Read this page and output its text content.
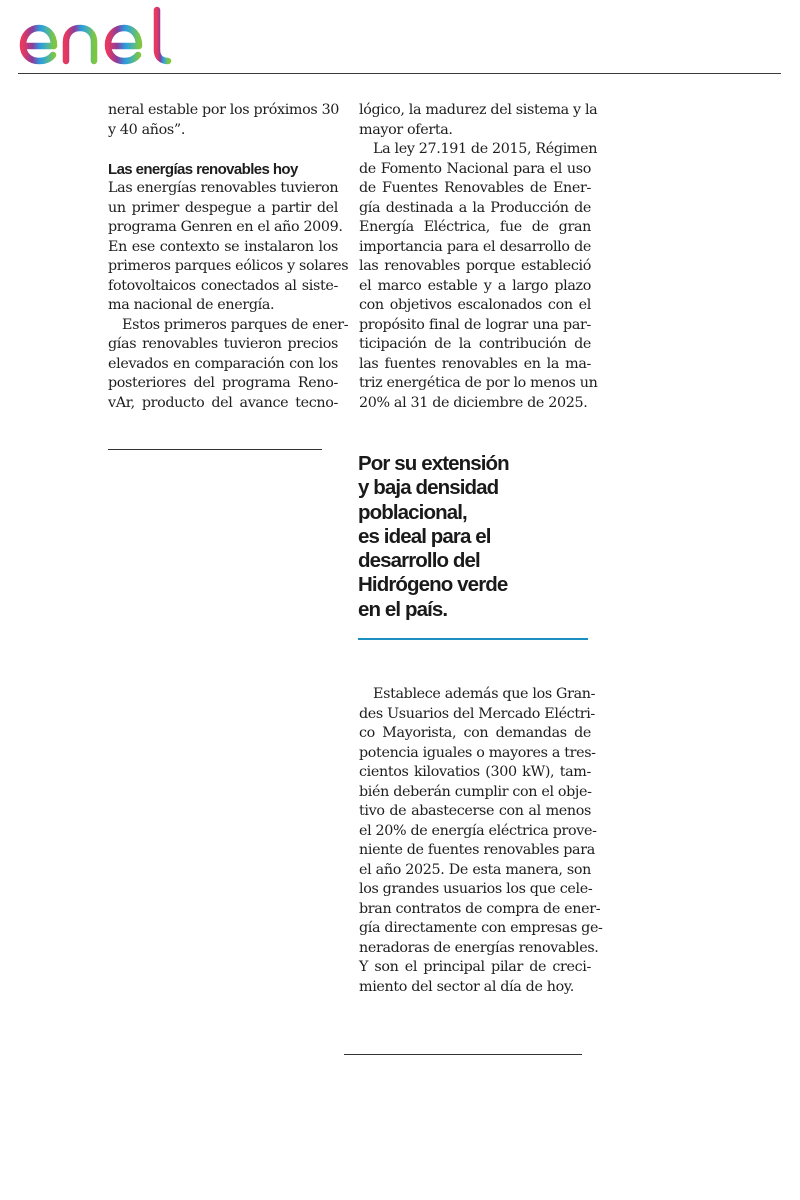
neral estable por los próximos 30
y 40 años”.
Las energías renovables hoy
Las energías renovables tuvieron
un primer despegue a partir del
programa Genren en el año 2009.
En ese contexto se instalaron los
primeros parques eólicos y solares
fotovoltaicos conectados al siste-
ma nacional de energía.
Estos primeros parques de ener-
gías renovables tuvieron precios
elevados en comparación con los
posteriores del programa Reno-
vAr, producto del avance tecno-
lógico, la madurez del sistema y la
mayor oferta.
La ley 27.191 de 2015, Régimen
de Fomento Nacional para el uso
de Fuentes Renovables de Ener-
gía destinada a la Producción de
Energía Eléctrica, fue de gran
importancia para el desarrollo de
las renovables porque estableció
el marco estable y a largo plazo
con objetivos escalonados con el
propósito final de lograr una par-
ticipación de la contribución de
las fuentes renovables en la ma-
triz energética de por lo menos un
20% al 31 de diciembre de 2025.
Por su extensión
y baja densidad
poblacional,
es ideal para el
desarrollo del
Hidrógeno verde
en el país.
Establece además que los Gran-
des Usuarios del Mercado Eléctri-
co Mayorista, con demandas de
potencia iguales o mayores a tres-
cientos kilovatios (300 kW), tam-
bién deberán cumplir con el obje-
tivo de abastecerse con al menos
el 20% de energía eléctrica prove-
niente de fuentes renovables para
el año 2025. De esta manera, son
los grandes usuarios los que cele-
bran contratos de compra de ener-
gía directamente con empresas ge-
neradoras de energías renovables.
Y son el principal pilar de creci-
miento del sector al día de hoy.
